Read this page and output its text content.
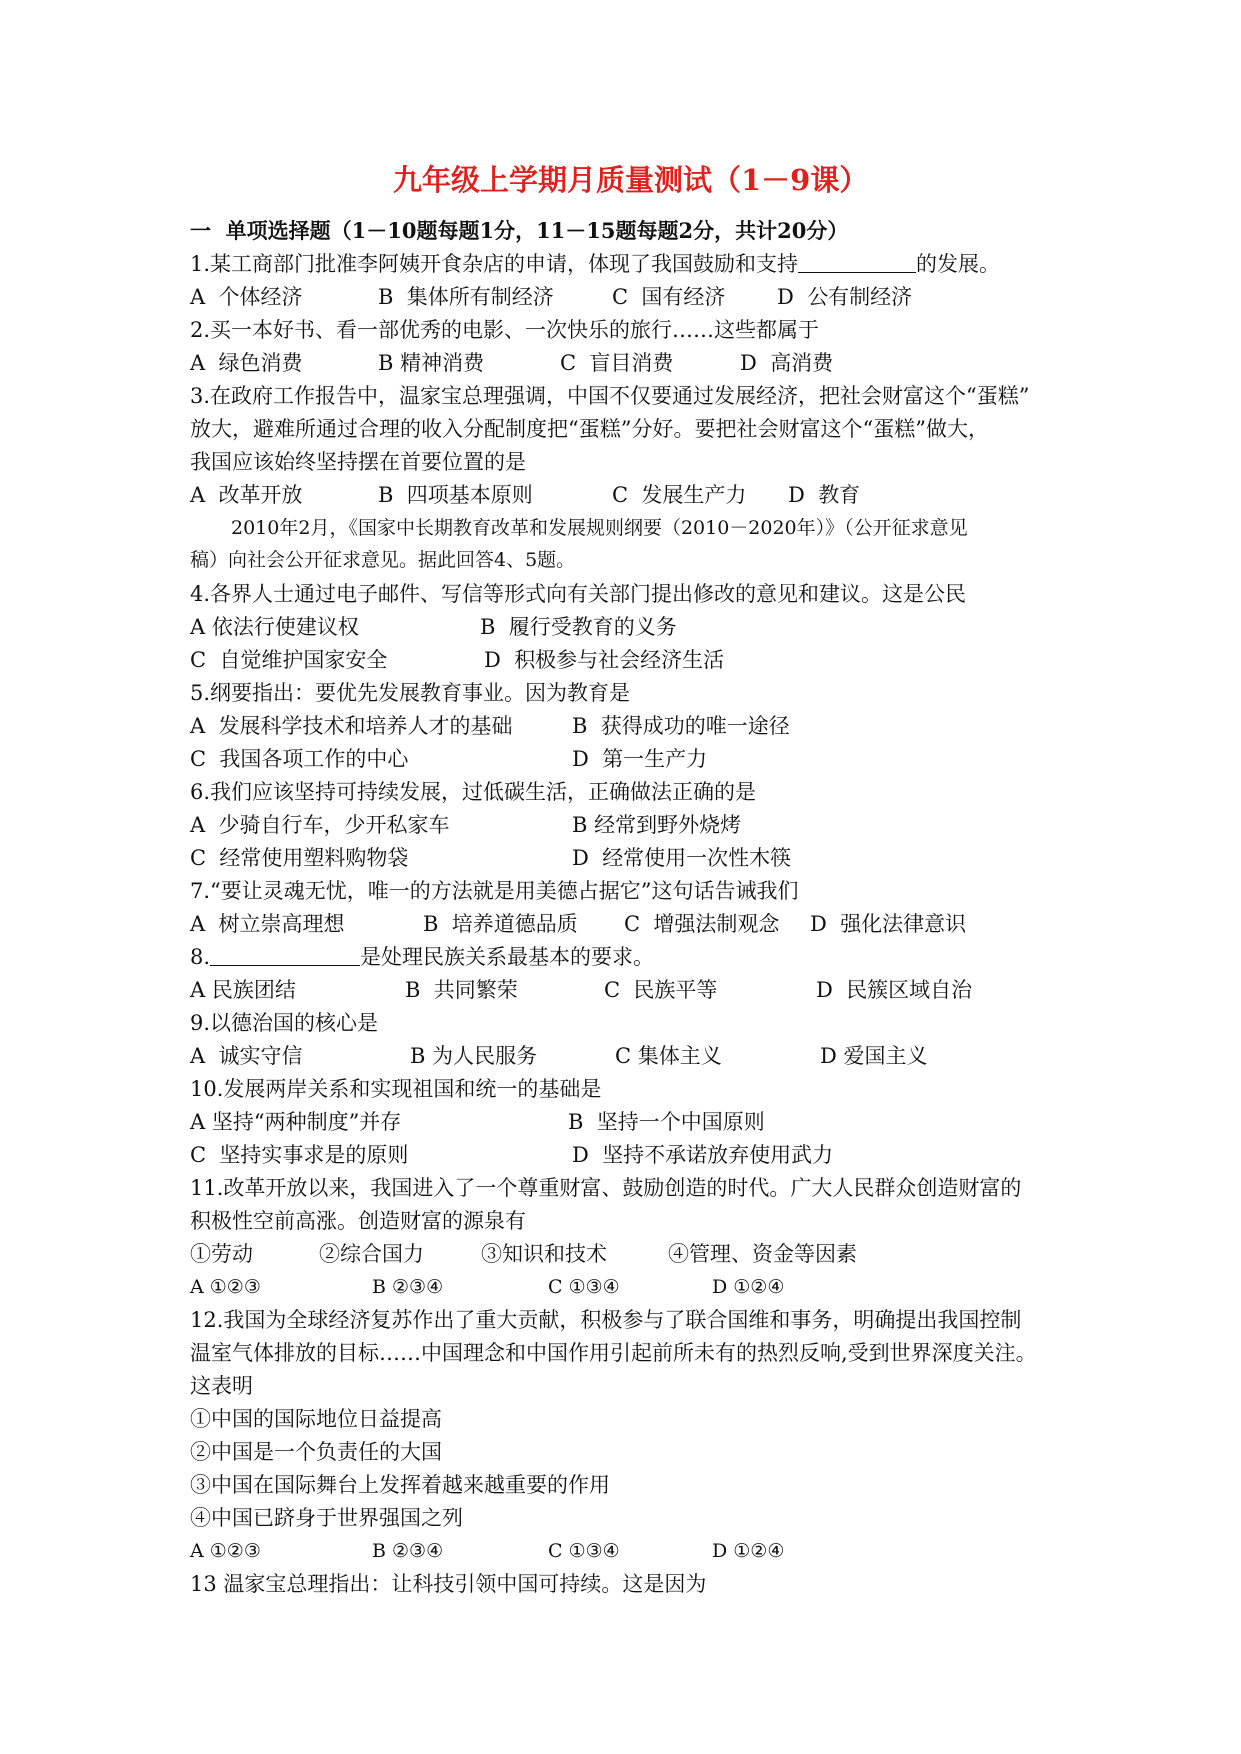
九年级上学期月质量测试（1－9课）
一  单项选择题（1－10题每题1分，11－15题每题2分，共计20分）
1.某工商部门批准李阿姨开食杂店的申请，体现了我国鼓励和支持	的发展。
A  个体经济	B  集体所有制经济	C  国有经济 D  公有制经济
2.买一本好书、看一部优秀的电影、一次快乐的旅行……这些都属于
A  绿色消费	B 精神消费	C  盲目消费	D  高消费
3.在政府工作报告中，温家宝总理强调，中国不仅要通过发展经济，把社会财富这个“蛋糕”
放大，避难所通过合理的收入分配制度把“蛋糕”分好。要把社会财富这个“蛋糕”做大，
我国应该始终坚持摆在首要位置的是
A  改革开放	B  四项基本原则	C  发展生产力 D  教育
2010年2月，《国家中长期教育改革和发展规则纲要（2010－2020年）》（公开征求意见
稿）向社会公开征求意见。据此回答4、5题。
4.各界人士通过电子邮件、写信等形式向有关部门提出修改的意见和建议。这是公民
A 依法行使建议权	B  履行受教育的义务
C  自觉维护国家安全	D  积极参与社会经济生活
5.纲要指出：要优先发展教育事业。因为教育是
A  发展科学技术和培养人才的基础	B  获得成功的唯一途径
C  我国各项工作的中心	D  第一生产力
6.我们应该坚持可持续发展，过低碳生活，正确做法正确的是
A  少骑自行车，少开私家车	B 经常到野外烧烤
C  经常使用塑料购物袋	D  经常使用一次性木筷
7.“要让灵魂无忧，唯一的方法就是用美德占据它”这句话告诫我们
A  树立崇高理想	B  培养道德品质 C  增强法制观念 D  强化法律意识
8.	是处理民族关系最基本的要求。
A 民族团结	B  共同繁荣	C  民族平等	D  民簇区域自治
9.以德治国的核心是
A  诚实守信	B 为人民服务	C 集体主义	D 爱国主义
10.发展两岸关系和实现祖国和统一的基础是
A 坚持“两种制度”并存	B  坚持一个中国原则
C  坚持实事求是的原则	D  坚持不承诺放弃使用武力
11.改革开放以来，我国进入了一个尊重财富、鼓励创造的时代。广大人民群众创造财富的
积极性空前高涨。创造财富的源泉有
①劳动	②综合国力	③知识和技术	④管理、资金等因素
A ①②③	B ②③④	C ①③④	D ①②④
12.我国为全球经济复苏作出了重大贡献，积极参与了联合国维和事务，明确提出我国控制
温室气体排放的目标……中国理念和中国作用引起前所未有的热烈反响,受到世界深度关注。
这表明
①中国的国际地位日益提高
②中国是一个负责任的大国
③中国在国际舞台上发挥着越来越重要的作用
④中国已跻身于世界强国之列
A ①②③	B ②③④	C ①③④	D ①②④
13 温家宝总理指出：让科技引领中国可持续。这是因为
